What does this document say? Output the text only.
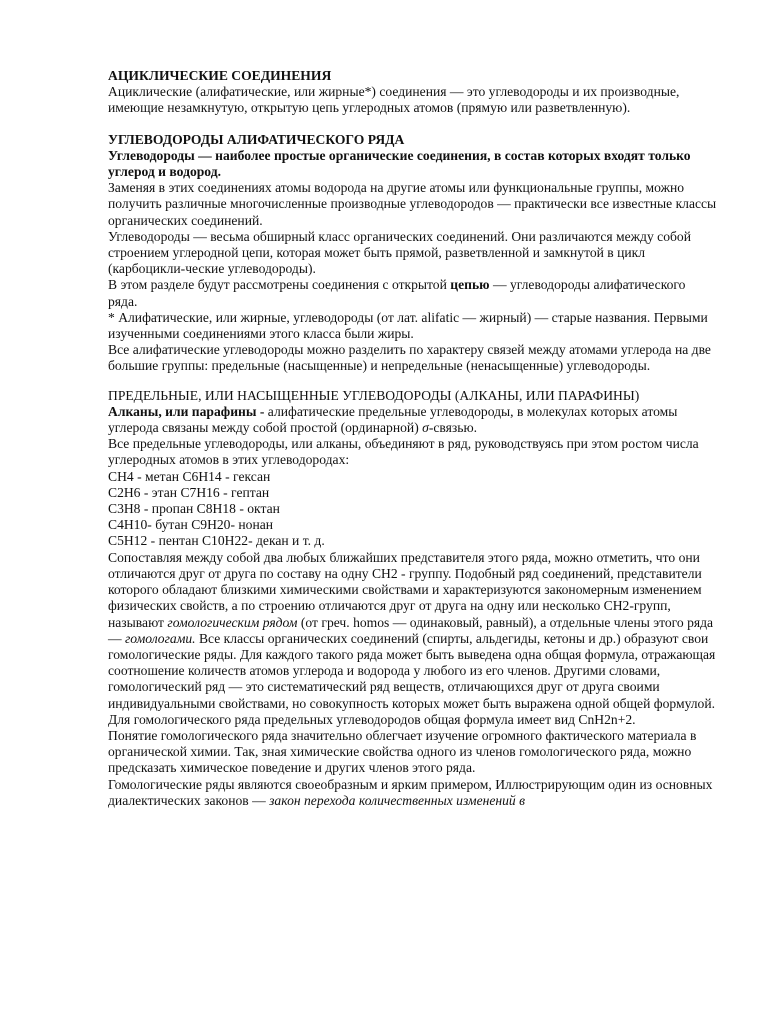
АЦИКЛИЧЕСКИЕ СОЕДИНЕНИЯ

Ациклические (алифатические, или жирные*) соединения — это углеводороды и их производные, имеющие незамкнутую, открытую цепь углеродных атомов (прямую или разветвленную).

УГЛЕВОДОРОДЫ АЛИФАТИЧЕСКОГО РЯДА

Углеводороды — наиболее простые органические соединения, в состав которых входят только углерод и водород.

Заменяя в этих соединениях атомы водорода на другие атомы или функциональные группы, можно получить различные многочисленные производные углеводородов — практически все известные классы органических соединений.

Углеводороды — весьма обширный класс органических соединений. Они различаются между собой строением углеродной цепи, которая может быть прямой, разветвленной и замкнутой в цикл (карбоцикли-ческие углеводороды).

В этом разделе будут рассмотрены соединения с открытой цепью — углеводороды алифатического ряда.

* Алифатические, или жирные, углеводороды (от лат. alifatic — жирный) — старые названия. Первыми изученными соединениями этого класса были жиры.

Все алифатические углеводороды можно разделить по характеру связей между атомами углерода на две большие группы: предельные (насыщенные) и непредельные (ненасыщенные) углеводороды.

ПРЕДЕЛЬНЫЕ, ИЛИ НАСЫЩЕННЫЕ УГЛЕВОДОРОДЫ (АЛКАНЫ, ИЛИ ПАРАФИНЫ)

Алканы, или парафины - алифатические предельные углеводороды, в молекулах которых атомы углерода связаны между собой простой (ординарной) σ-связью.

Все предельные углеводороды, или алканы, объединяют в ряд, руководствуясь при этом ростом числа углеродных атомов в этих углеводородах:

CH4 - метан C6H14 - гексан
C2H6 - этан C7H16 - гептан
C3H8 - пропан C8H18 - октан
C4H10- бутан C9H20- нонан
C5H12 - пентан C10H22- декан и т. д.

Сопоставляя между собой два любых ближайших представителя этого ряда, можно отметить, что они отличаются друг от друга по составу на одну CH2 - группу. Подобный ряд соединений, представители которого обладают близкими химическими свойствами и характеризуются закономерным изменением физических свойств, а по строению отличаются друг от друга на одну или несколько CH2-групп, называют гомологическим рядом (от греч. homos — одинаковый, равный), а отдельные члены этого ряда — гомологами. Все классы органических соединений (спирты, альдегиды, кетоны и др.) образуют свои гомологические ряды. Для каждого такого ряда может быть выведена одна общая формула, отражающая соотношение количеств атомов углерода и водорода у любого из его членов. Другими словами, гомологический ряд — это систематический ряд веществ, отличающихся друг от друга своими индивидуальными свойствами, но совокупность которых может быть выражена одной общей формулой. Для гомологического ряда предельных углеводородов общая формула имеет вид CnH2n+2.

Понятие гомологического ряда значительно облегчает изучение огромного фактического материала в органической химии. Так, зная химические свойства одного из членов гомологического ряда, можно предсказать химическое поведение и других членов этого ряда.

Гомологические ряды являются своеобразным и ярким примером, Иллюстрирующим один из основных диалектических законов — закон перехода количественных изменений в
